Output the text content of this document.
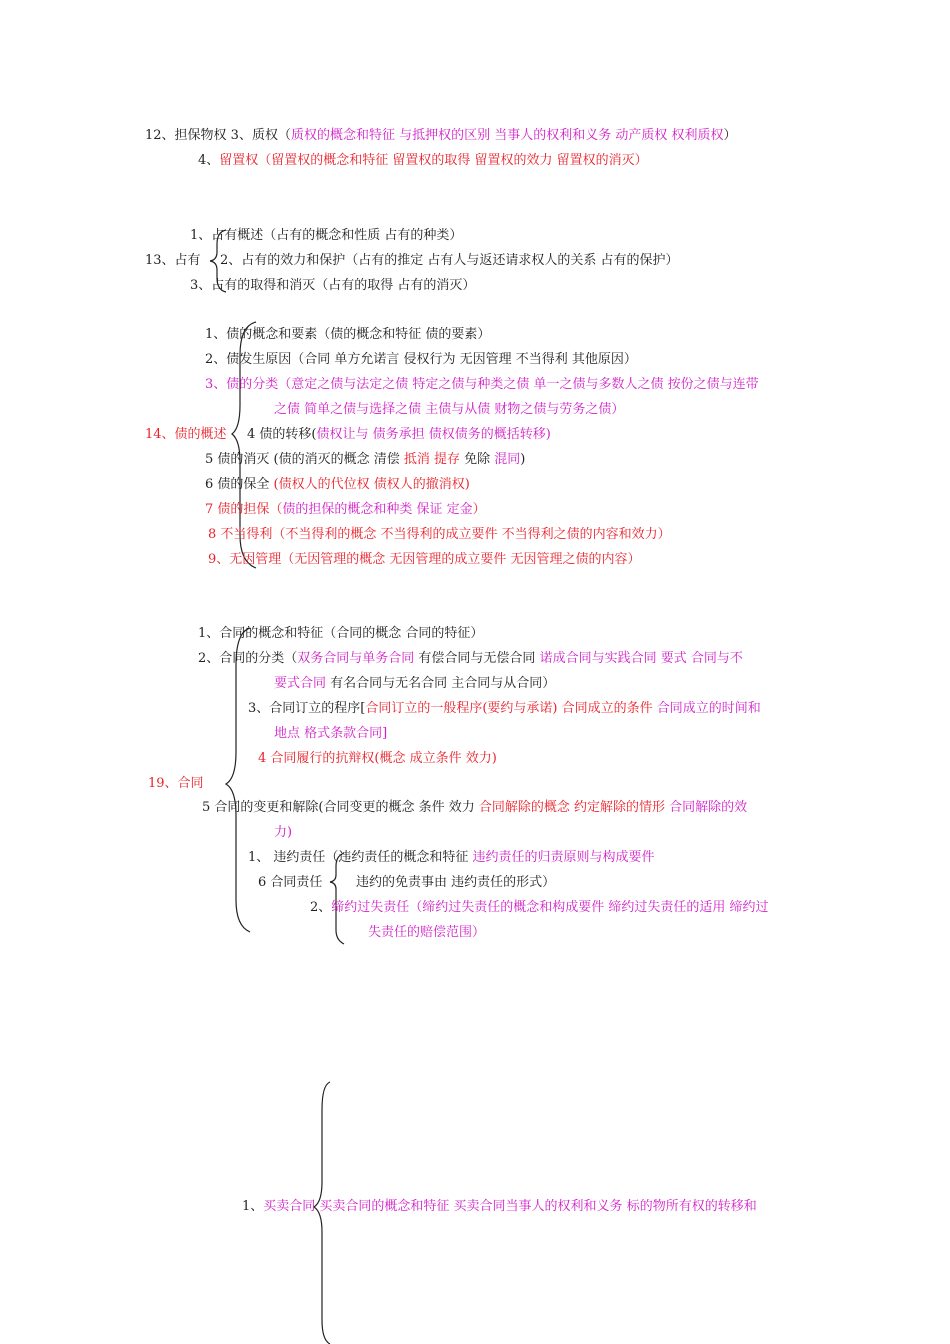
12、担保物权 3、质权（质权的概念和特征 与抵押权的区别 当事人的权利和义务 动产质权 权利质权）
4、留置权（留置权的概念和特征 留置权的取得 留置权的效力 留置权的消灭）
1、占有概述（占有的概念和性质 占有的种类）
13、占有 2、占有的效力和保护（占有的推定 占有人与返还请求权人的关系 占有的保护）
3、占有的取得和消灭（占有的取得 占有的消灭）
1、债的概念和要素（债的概念和特征 债的要素）
2、债发生原因（合同 单方允诺言 侵权行为 无因管理 不当得利 其他原因）
3、债的分类（意定之债与法定之债 特定之债与种类之债 单一之债与多数人之债 按份之债与连带
之债 简单之债与选择之债 主债与从债 财物之债与劳务之债）
14、债的概述 4 债的转移(债权让与 债务承担 债权债务的概括转移)
5 债的消灭 (债的消灭的概念 清偿 抵消 提存 免除 混同)
6 债的保全 (债权人的代位权 债权人的撤消权)
7 债的担保（债的担保的概念和种类 保证 定金）
8 不当得利（不当得利的概念 不当得利的成立要件 不当得利之债的内容和效力）
9、无因管理（无因管理的概念 无因管理的成立要件 无因管理之债的内容）
1、合同的概念和特征（合同的概念 合同的特征）
2、合同的分类（双务合同与单务合同 有偿合同与无偿合同 诺成合同与实践合同 要式 合同与不
要式合同 有名合同与无名合同 主合同与从合同）
3、合同订立的程序[合同订立的一般程序(要约与承诺) 合同成立的条件 合同成立的时间和
地点 格式条款合同]
4 合同履行的抗辩权(概念 成立条件 效力)
19、合同
5 合同的变更和解除(合同变更的概念 条件 效力 合同解除的概念 约定解除的情形 合同解除的效
力)
1、 违约责任（违约责任的概念和特征 违约责任的归责原则与构成要件
6 合同责任	违约的免责事由 违约责任的形式）
2、缔约过失责任（缔约过失责任的概念和构成要件 缔约过失责任的适用 缔约过
失责任的赔偿范围）
1、买卖合同 买卖合同的概念和特征 买卖合同当事人的权利和义务 标的物所有权的转移和
